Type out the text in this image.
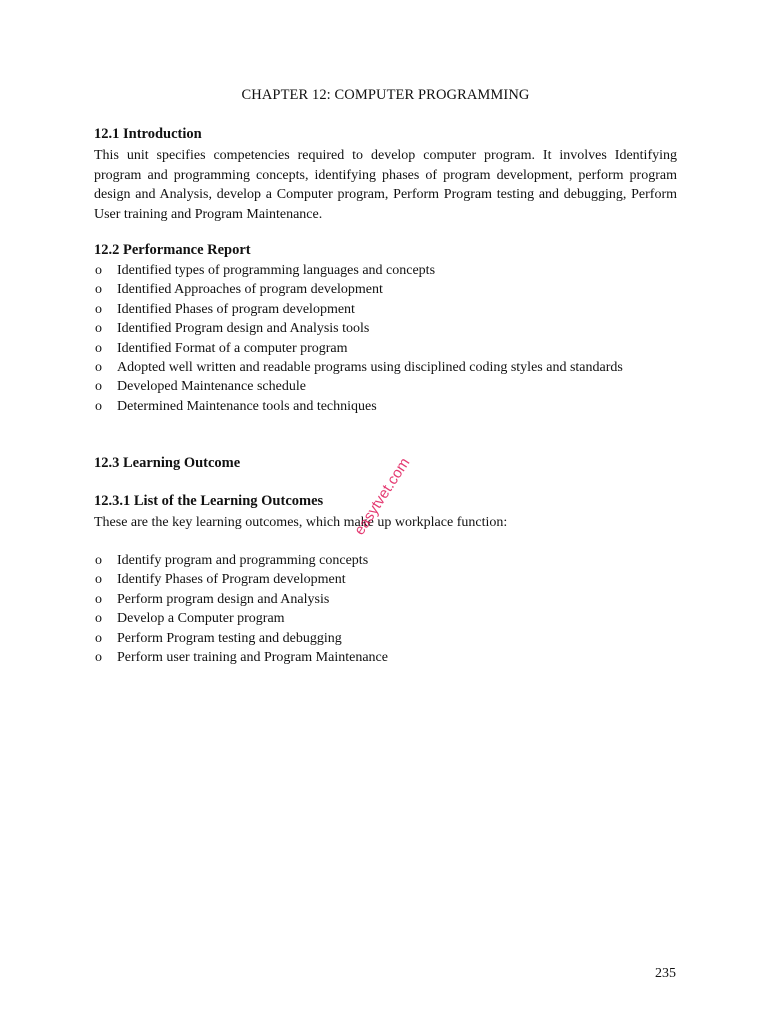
CHAPTER 12: COMPUTER PROGRAMMING
12.1 Introduction

This unit specifies competencies required to develop computer program. It involves Identifying program and programming concepts, identifying phases of program development, perform program design and Analysis, develop a Computer program, Perform Program testing and debugging, Perform User training and Program Maintenance.

12.2 Performance Report
o Identified types of programming languages and concepts
o Identified Approaches of program development
o Identified Phases of program development
o Identified Program design and Analysis tools
o Identified Format of a computer program
o Adopted well written and readable programs using disciplined coding styles and standards
o Developed Maintenance schedule
o Determined Maintenance tools and techniques
12.3 Learning Outcome
12.3.1 List of the Learning Outcomes

These are the key learning outcomes, which make up workplace function:

o Identify program and programming concepts
o Identify Phases of Program development
o Perform program design and Analysis
o Develop a Computer program
o Perform Program testing and debugging
o Perform user training and Program Maintenance
235
easytvet.com
